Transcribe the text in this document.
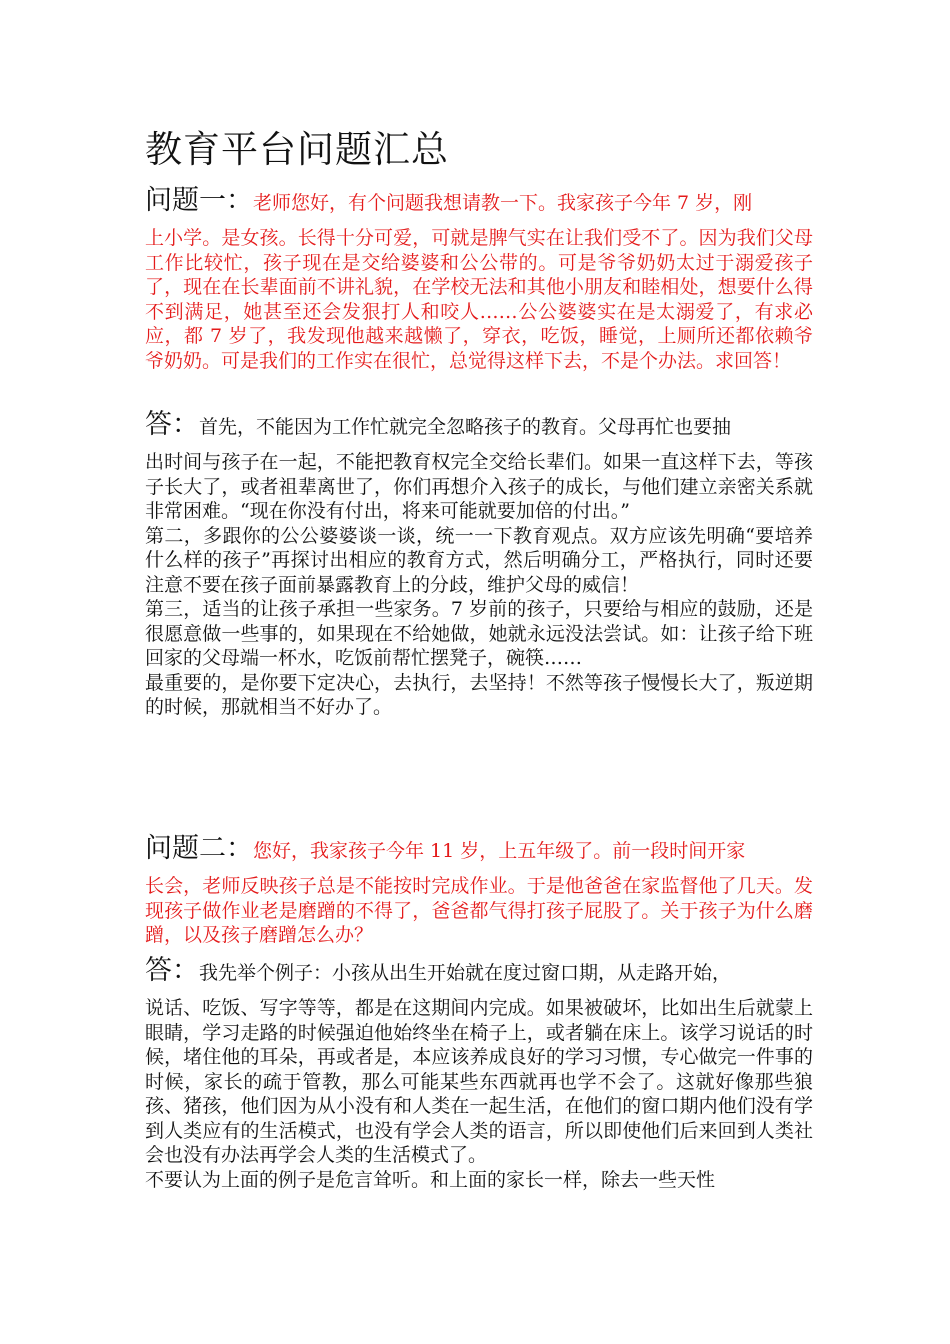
教育平台问题汇总
问题一：老师您好，有个问题我想请教一下。我家孩子今年 7 岁，刚
上小学。是女孩。长得十分可爱，可就是脾气实在让我们受不了。因为我们父母工作比较忙，孩子现在是交给婆婆和公公带的。可是爷爷奶奶太过于溺爱孩子了，现在在长辈面前不讲礼貌，在学校无法和其他小朋友和睦相处，想要什么得不到满足，她甚至还会发狠打人和咬人……公公婆婆实在是太溺爱了，有求必应，都 7 岁了，我发现他越来越懒了，穿衣，吃饭，睡觉，上厕所还都依赖爷爷奶奶。可是我们的工作实在很忙，总觉得这样下去，不是个办法。求回答！
答：首先，不能因为工作忙就完全忽略孩子的教育。父母再忙也要抽
出时间与孩子在一起，不能把教育权完全交给长辈们。如果一直这样下去，等孩子长大了，或者祖辈离世了，你们再想介入孩子的成长，与他们建立亲密关系就非常困难。“现在你没有付出，将来可能就要加倍的付出。”
第二，多跟你的公公婆婆谈一谈，统一一下教育观点。双方应该先明确“要培养什么样的孩子”再探讨出相应的教育方式，然后明确分工，严格执行，同时还要注意不要在孩子面前暴露教育上的分歧，维护父母的威信！
第三，适当的让孩子承担一些家务。7 岁前的孩子，只要给与相应的鼓励，还是很愿意做一些事的，如果现在不给她做，她就永远没法尝试。如：让孩子给下班回家的父母端一杯水，吃饭前帮忙摆凳子，碗筷……
最重要的，是你要下定决心，去执行，去坚持！不然等孩子慢慢长大了，叛逆期的时候，那就相当不好办了。
问题二：您好，我家孩子今年 11 岁，上五年级了。前一段时间开家
长会，老师反映孩子总是不能按时完成作业。于是他爸爸在家监督他了几天。发现孩子做作业老是磨蹭的不得了，爸爸都气得打孩子屁股了。关于孩子为什么磨蹭，以及孩子磨蹭怎么办？
答：我先举个例子：小孩从出生开始就在度过窗口期，从走路开始，
说话、吃饭、写字等等，都是在这期间内完成。如果被破坏，比如出生后就蒙上眼睛，学习走路的时候强迫他始终坐在椅子上，或者躺在床上。该学习说话的时候，堵住他的耳朵，再或者是，本应该养成良好的学习习惯，专心做完一件事的时候，家长的疏于管教，那么可能某些东西就再也学不会了。这就好像那些狼孩、猪孩，他们因为从小没有和人类在一起生活，在他们的窗口期内他们没有学到人类应有的生活模式，也没有学会人类的语言，所以即使他们后来回到人类社会也没有办法再学会人类的生活模式了。
不要认为上面的例子是危言耸听。和上面的家长一样，除去一些天性
